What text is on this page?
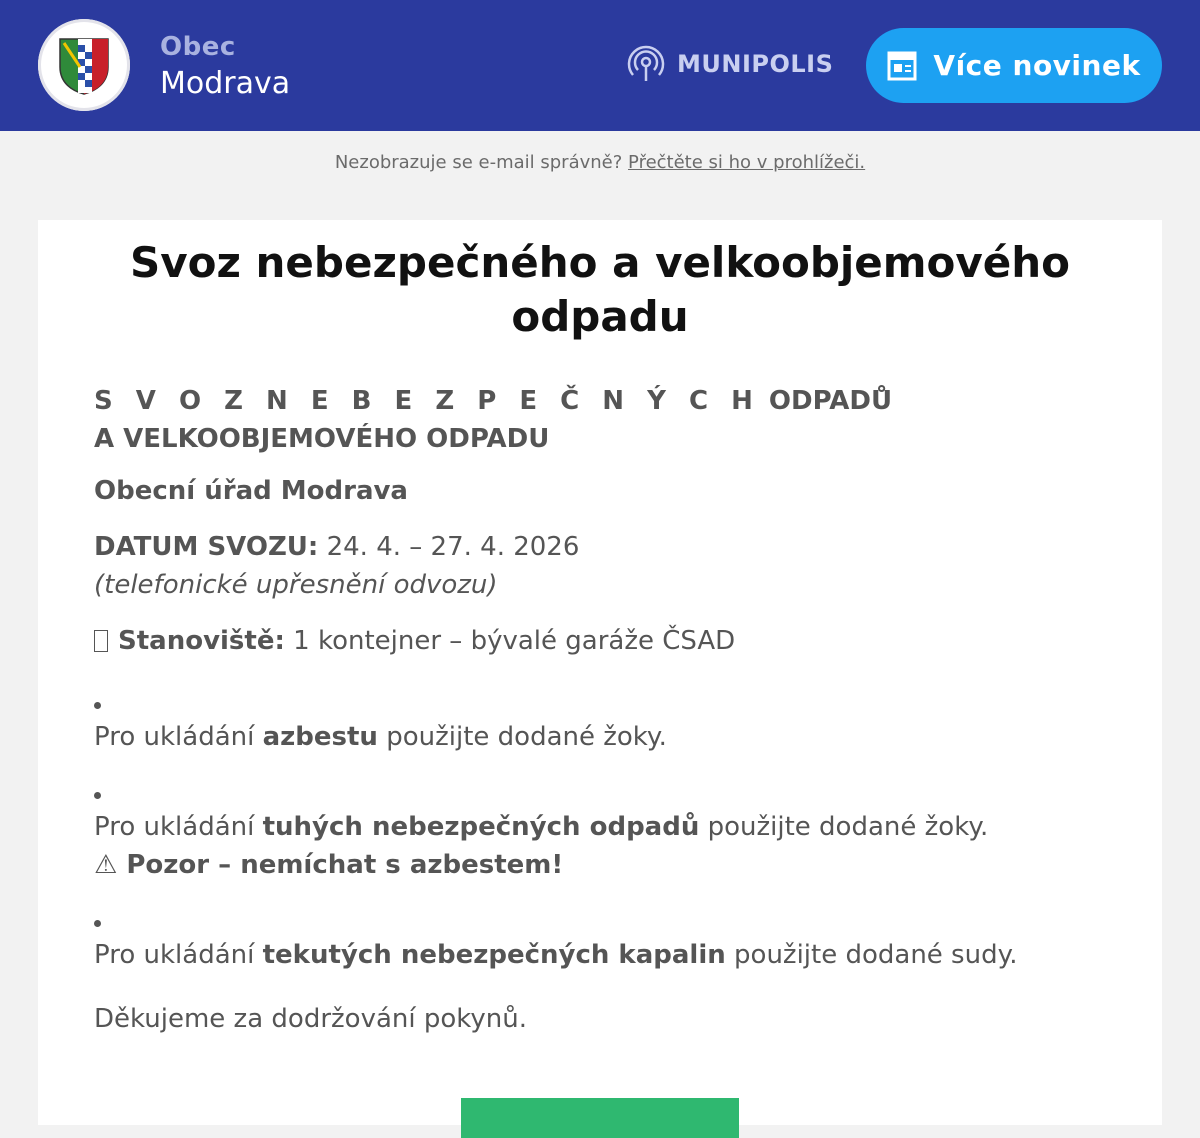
Obec
Modrava
MUNIPOLIS	Více novinek
Nezobrazuje se e-mail správně? Přečtěte si ho v prohlížeči.
Svoz nebezpečného a velkoobjemového odpadu
S V O Z N E B E Z P E Č N Ý C H ODPADŮ
A VELKOOBJEMOVÉHO ODPADU
Obecní úřad Modrava
DATUM SVOZU: 24. 4. – 27. 4. 2026
(telefonické upřesnění odvozu)
Stanoviště: 1 kontejner – bývalé garáže ČSAD
Pro ukládání azbestu použijte dodané žoky.
Pro ukládání tuhých nebezpečných odpadů použijte dodané žoky.
⚠ Pozor – nemíchat s azbestem!
Pro ukládání tekutých nebezpečných kapalin použijte dodané sudy.
Děkujeme za dodržování pokynů.
